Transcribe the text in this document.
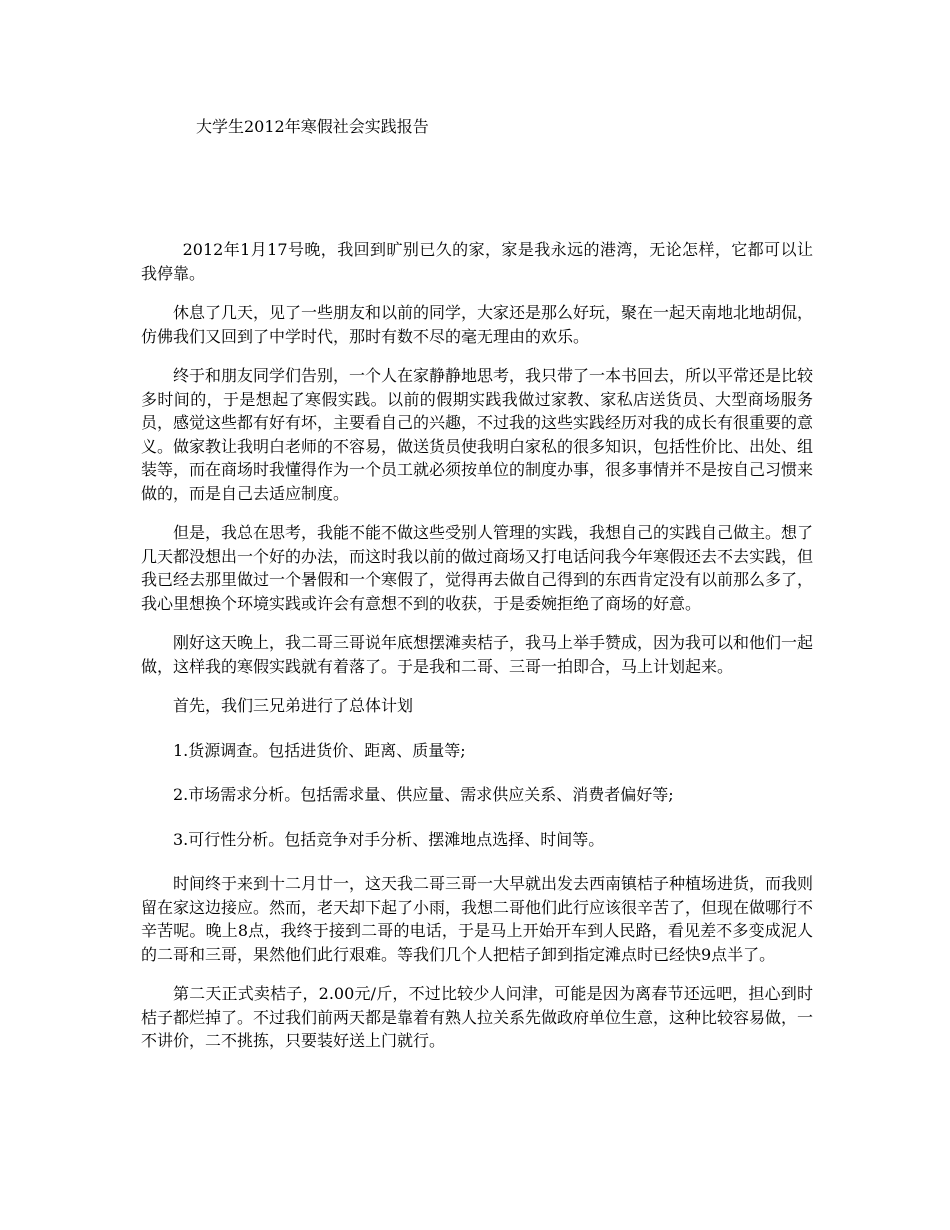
大学生2012年寒假社会实践报告

2012年1月17号晚，我回到旷别已久的家，家是我永远的港湾，无论怎样，它都可以让我停靠。

休息了几天，见了一些朋友和以前的同学，大家还是那么好玩，聚在一起天南地北地胡侃，仿佛我们又回到了中学时代，那时有数不尽的毫无理由的欢乐。

终于和朋友同学们告别，一个人在家静静地思考，我只带了一本书回去，所以平常还是比较多时间的，于是想起了寒假实践。以前的假期实践我做过家教、家私店送货员、大型商场服务员，感觉这些都有好有坏，主要看自己的兴趣，不过我的这些实践经历对我的成长有很重要的意义。做家教让我明白老师的不容易，做送货员使我明白家私的很多知识，包括性价比、出处、组装等，而在商场时我懂得作为一个员工就必须按单位的制度办事，很多事情并不是按自己习惯来做的，而是自己去适应制度。

但是，我总在思考，我能不能不做这些受别人管理的实践，我想自己的实践自己做主。想了几天都没想出一个好的办法，而这时我以前的做过商场又打电话问我今年寒假还去不去实践，但我已经去那里做过一个暑假和一个寒假了，觉得再去做自己得到的东西肯定没有以前那么多了，我心里想换个环境实践或许会有意想不到的收获，于是委婉拒绝了商场的好意。

刚好这天晚上，我二哥三哥说年底想摆滩卖桔子，我马上举手赞成，因为我可以和他们一起做，这样我的寒假实践就有着落了。于是我和二哥、三哥一拍即合，马上计划起来。

首先，我们三兄弟进行了总体计划

1.货源调查。包括进货价、距离、质量等;

2.市场需求分析。包括需求量、供应量、需求供应关系、消费者偏好等;

3.可行性分析。包括竞争对手分析、摆滩地点选择、时间等。

时间终于来到十二月廿一，这天我二哥三哥一大早就出发去西南镇桔子种植场进货，而我则留在家这边接应。然而，老天却下起了小雨，我想二哥他们此行应该很辛苦了，但现在做哪行不辛苦呢。晚上8点，我终于接到二哥的电话，于是马上开始开车到人民路，看见差不多变成泥人的二哥和三哥，果然他们此行艰难。等我们几个人把桔子卸到指定滩点时已经快9点半了。

第二天正式卖桔子，2.00元/斤，不过比较少人问津，可能是因为离春节还远吧，担心到时桔子都烂掉了。不过我们前两天都是靠着有熟人拉关系先做政府单位生意，这种比较容易做，一不讲价，二不挑拣，只要装好送上门就行。
